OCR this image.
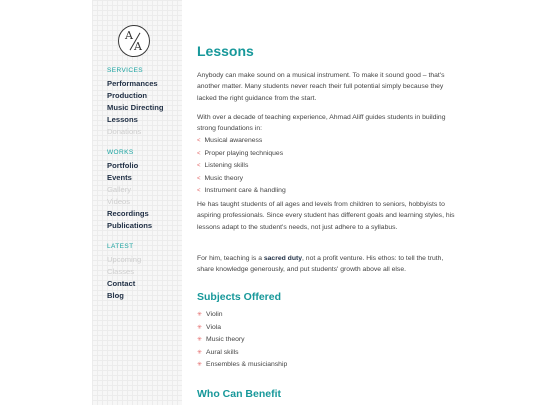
A
A
SERVICES
Performances
Production
Music Directing
Lessons
Donations
WORKS
Portfolio
Events
Gallery
Videos
Recordings
Publications
LATEST
Upcoming
Classes
Contact
Blog
Lessons

Anybody can make sound on a musical instrument. To make it sound good – that's another matter. Many students never reach their full potential simply because they lacked the right guidance from the start.

With over a decade of teaching experience, Ahmad Aliff guides students in building strong foundations in:

< Musical awareness
< Proper playing techniques
< Listening skills
< Music theory
< Instrument care & handling

He has taught students of all ages and levels from children to seniors, hobbyists to aspiring professionals. Since every student has different goals and learning styles, his lessons adapt to the student's needs, not just adhere to a syllabus.

For him, teaching is a sacred duty, not a profit venture. His ethos: to tell the truth, share knowledge generously, and put students' growth above all else.

Subjects Offered
✳ Violin
✳ Viola
✳ Music theory
✳ Aural skills
✳ Ensembles & musicianship
Who Can Benefit
